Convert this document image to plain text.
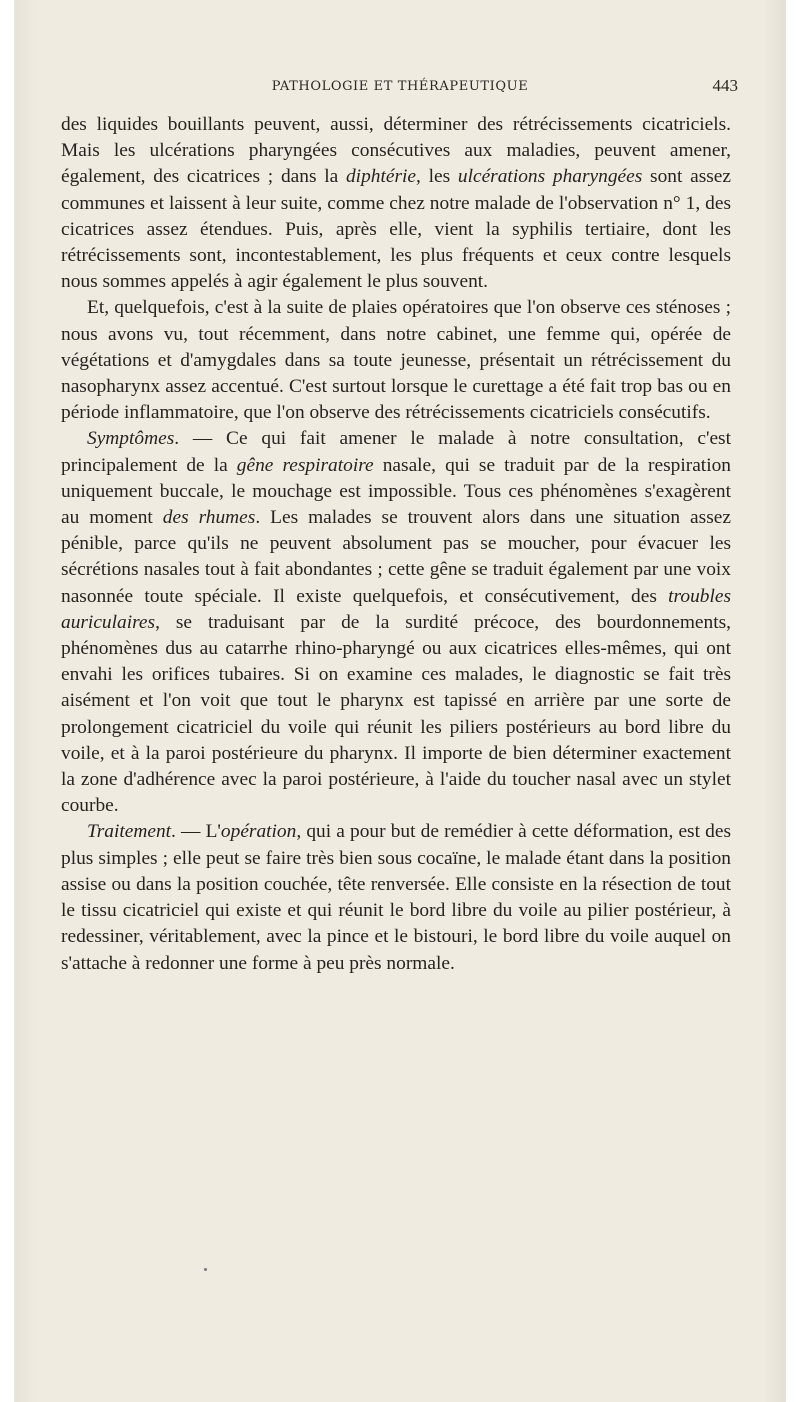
PATHOLOGIE ET THÉRAPEUTIQUE	443

des liquides bouillants peuvent, aussi, déterminer des rétrécissements cicatriciels. Mais les ulcérations pharyngées consécutives aux maladies, peuvent amener, également, des cicatrices ; dans la diphtérie, les ulcérations pharyngées sont assez communes et laissent à leur suite, comme chez notre malade de l'observation n° 1, des cicatrices assez étendues. Puis, après elle, vient la syphilis tertiaire, dont les rétrécissements sont, incontestablement, les plus fréquents et ceux contre lesquels nous sommes appelés à agir également le plus souvent.

Et, quelquefois, c'est à la suite de plaies opératoires que l'on observe ces sténoses ; nous avons vu, tout récemment, dans notre cabinet, une femme qui, opérée de végétations et d'amygdales dans sa toute jeunesse, présentait un rétrécissement du nasopharynx assez accentué. C'est surtout lorsque le curettage a été fait trop bas ou en période inflammatoire, que l'on observe des rétrécissements cicatriciels consécutifs.

Symptômes. — Ce qui fait amener le malade à notre consultation, c'est principalement de la gêne respiratoire nasale, qui se traduit par de la respiration uniquement buccale, le mouchage est impossible. Tous ces phénomènes s'exagèrent au moment des rhumes. Les malades se trouvent alors dans une situation assez pénible, parce qu'ils ne peuvent absolument pas se moucher, pour évacuer les sécrétions nasales tout à fait abondantes ; cette gêne se traduit également par une voix nasonnée toute spéciale. Il existe quelquefois, et consécutivement, des troubles auriculaires, se traduisant par de la surdité précoce, des bourdonnements, phénomènes dus au catarrhe rhino-pharyngé ou aux cicatrices elles-mêmes, qui ont envahi les orifices tubaires. Si on examine ces malades, le diagnostic se fait très aisément et l'on voit que tout le pharynx est tapissé en arrière par une sorte de prolongement cicatriciel du voile qui réunit les piliers postérieurs au bord libre du voile, et à la paroi postérieure du pharynx. Il importe de bien déterminer exactement la zone d'adhérence avec la paroi postérieure, à l'aide du toucher nasal avec un stylet courbe.

Traitement. — L'opération, qui a pour but de remédier à cette déformation, est des plus simples ; elle peut se faire très bien sous cocaïne, le malade étant dans la position assise ou dans la position couchée, tête renversée. Elle consiste en la résection de tout le tissu cicatriciel qui existe et qui réunit le bord libre du voile au pilier postérieur, à redessiner, véritablement, avec la pince et le bistouri, le bord libre du voile auquel on s'attache à redonner une forme à peu près normale.
